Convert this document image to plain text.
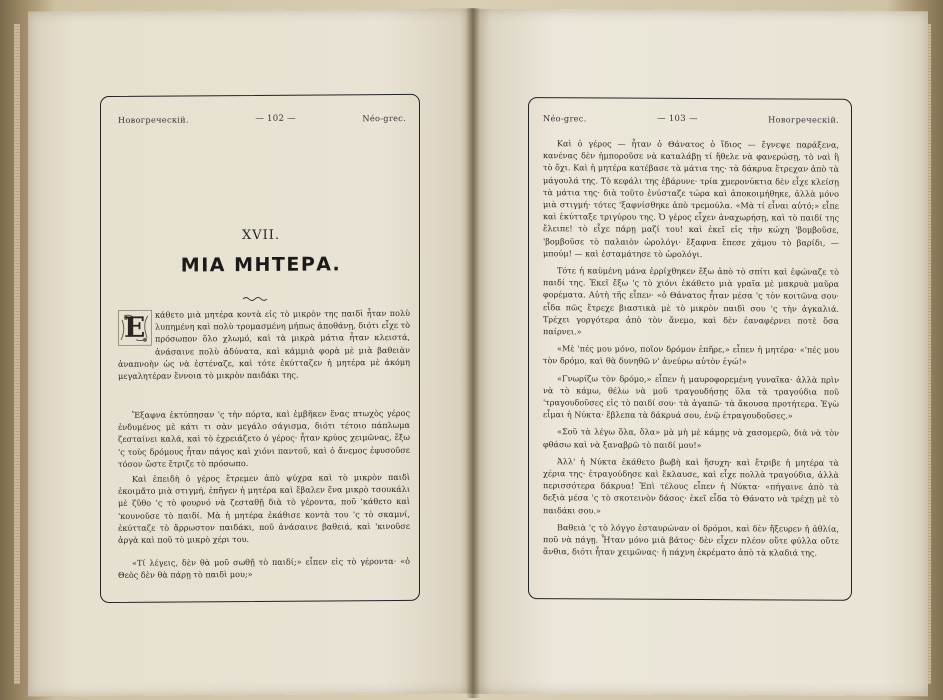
Новогреческій.	— 102 —	Néo-grec.
XVII.
ΜΙΑ ΜΗΤΕΡΑ.
Ε κάθετο μιὰ μητέρα κοντὰ εἰς τὸ μικρὸν της παιδὶ ἦταν πολὺ λυπημένη καὶ πολὺ τρομασμένη μήπως ἀποθάνῃ, διότι εἶχε τὸ πρόσωπον ὅλο χλωμό, καὶ τὰ μικρὰ μάτια ἦταν κλειστά, ἀνάσαινε πολὺ ἀδύνατα, καὶ κάμμιὰ φορὰ μὲ μιὰ βαθειὰν ἀναπνοὴν ὡς νὰ ἐστέναζε, καὶ τότε ἐκύτταζεν ἡ μητέρα μὲ ἀκόμη μεγαλητέραν ἔννοια τὸ μικρὸν παιδάκι της.
Ἔξαφνα ἐκτύπησαν 'ς τὴν πόρτα, καὶ ἐμβῆκεν ἕνας πτωχὸς γέρος ἐνδυμένος μὲ κάτι τι σὰν μεγάλο σάγισμα, διότι τέτοιο πάπλωμα ζεσταίνει καλά, καὶ τὸ ἐχρειάζετο ὁ γέρος· ἦταν κρύος χειμῶνας, ἔξω 'ς τοὺς δρόμους ἦταν πάγος καὶ χιόνι παντοῦ, καὶ ὁ ἄνεμος ἐφυσοῦσε τόσον ὥστε ἔτριζε τὸ πρόσωπο.
Καὶ ἐπειδὴ ὁ γέρος ἔτρεμεν ἀπὸ ψύχρα καὶ τὸ μικρὸν παιδὶ ἐκοιμᾶτο μιὰ στιγμή, ἐπῆγεν ἡ μητέρα καὶ ἔβαλεν ἕνα μικρὸ τσουκάλι μὲ ζῦθο 'ς τὸ φουρνό νὰ ζεσταθῇ διὰ τὸ γέροντα, ποῦ 'κάθετο καὶ 'κουνοῦσε τὸ παιδί. Μὰ ἡ μητέρα ἐκάθισε κοντὰ του 'ς τὸ σκαμνί, ἐκύτταζε τὸ ἄρρωστον παιδάκι, ποῦ ἀνάσαινε βαθειά, καὶ 'κινοῦσε ἀργὰ καὶ ποῦ τὸ μικρὸ χέρι του.
«Τί λέγεις, δὲν θὰ μοῦ σωθῇ τὸ παιδί;» εἶπεν εἰς τὸ γέροντα· «ὁ Θεὸς δὲν θὰ πάρῃ τὸ παιδὶ μου;»
Néo-grec.	— 103 —	Новогреческій.

Καὶ ὁ γέρος — ἦταν ὁ Θάνατος ὁ ἴδιος — ἔγνεψε παράξενα, κανένας δὲν ἠμποροῦσε νὰ καταλάβῃ τί ἤθελε νὰ φανερώσῃ, τὸ ναὶ ἢ τὸ ὄχι. Καὶ ἡ μητέρα κατέβασε τὰ μάτια της· τὰ δάκρυα ἔτρεχαν ἀπὸ τὰ μάγουλά της. Τὸ κεφάλι της ἐβάρυνε· τρία χμερονύκτια δὲν εἶχε κλείσῃ τὰ μάτια της· διὰ τοῦτο ἐνύσταζε τώρα καὶ ἀποκοιμήθηκε, ἀλλὰ μόνο μιὰ στιγμή· τότες 'ξαφνίσθηκε ἀπὸ τρεμούλα. «Μὰ τί εἶναι αὐτό;» εἶπε καὶ ἐκύτταξε τριγύρου της. Ὁ γέρος εἶχεν ἀναχωρήσῃ, καὶ τὸ παιδί της ἔλειπε! τὸ εἶχε πάρῃ μαζί του! καὶ ἐκεῖ εἰς τὴν κώχη 'βομβοῦσε, 'βομβοῦσε τὸ παλαιὸν ὡρολόγι· ἔξαφνα ἔπεσε χάμου τὸ βαρίδι, — μπούμ! — καὶ ἐσταμάτησε τὸ ὡρολόγι.

Τότε ἡ καϋμένη μάνα ἐρρίχθηκεν ἔξω ἀπὸ τὸ σπίτι καὶ ἐφώναζε τὸ παιδί της. Ἐκεῖ ἔξω 'ς τὸ χιόνι ἐκάθετο μιὰ γραῖα μὲ μακρυὰ μαῦρα φορέματα. Αὐτὴ τῆς εἶπεν· «ὁ Θάνατος ἦταν μέσα 'ς τὸν κοιτῶνα σου· εἶδα πῶς ἔτρεχε βιαστικὰ μὲ τὸ μικρὸν παιδὶ σου 'ς τὴν ἀγκαλιά. Τρέχει γοργότερα ἀπὸ τὸν ἄνεμο, καὶ δὲν ἐαναφέρνει ποτὲ ὅσα παίρνει.»

«Μὲ 'πές μου μόνο, ποῖον δρόμον ἐπῆρε,» εἶπεν ἡ μητέρα· «'πές μου τὸν δρόμο, καὶ θὰ δυνηθῶ ν' ἀνεύρω αὐτὸν ἐγώ!»

«Γνωρίζω τὸν δρόμο,» εἶπεν ἡ μαυροφορεμένη γυναῖκα· ἀλλὰ πρὶν νὰ τὸ κάμω, θέλω νὰ μοῦ τραγουδήσῃς ὅλα τὰ τραγούδια ποῦ 'τραγουδοῦσες εἰς τὸ παιδί σου· τὰ ἀγαπῶ· τὰ ἄκουσα προτήτερα. Ἐγὼ εἶμαι ἡ Νύκτα· ἔβλεπα τὰ δάκρυά σου, ἐνῷ ἐτραγουδοῦσες.»

«Σοῦ τὰ λέγω ὅλα, ὅλα» μὰ μὴ μὲ κάμῃς νὰ χασομερῶ, διὰ νὰ τὸν φθάσω καὶ νὰ ξαναβρῶ τὸ παιδί μου!»

Ἀλλ' ἡ Νύκτα ἐκάθετο βωβὴ καὶ ἥσυχη· καὶ ἔτριβε ἡ μητέρα τὰ χέρια της· ἐτραγούδησε καὶ ἔκλαυσε, καὶ εἶχε πολλὰ τραγούδια, ἀλλὰ περισσότερα δάκρυα! Ἐπὶ τέλους εἶπεν ἡ Νύκτα· «πήγαινε ἀπὸ τὰ δεξιὰ μέσα 'ς τὸ σκοτεινὸν δάσος· ἐκεῖ εἶδα τὸ Θάνατο νὰ τρέχῃ μὲ τὸ παιδάκι σου.»

Βαθειὰ 'ς τὸ λόγγο ἐσταυρώναν οἱ δρόμοι, καὶ δὲν ἤξευρεν ἡ ἀθλία, ποῦ νὰ πάγῃ. Ἦταν μόνο μιὰ βάτος· δὲν εἶχεν πλέον οὔτε φύλλα οὔτε ἄνθια, διότι ἦταν χειμῶνας· ἡ πάχνη ἐκρέματο ἀπὸ τὰ κλαδιά της.
